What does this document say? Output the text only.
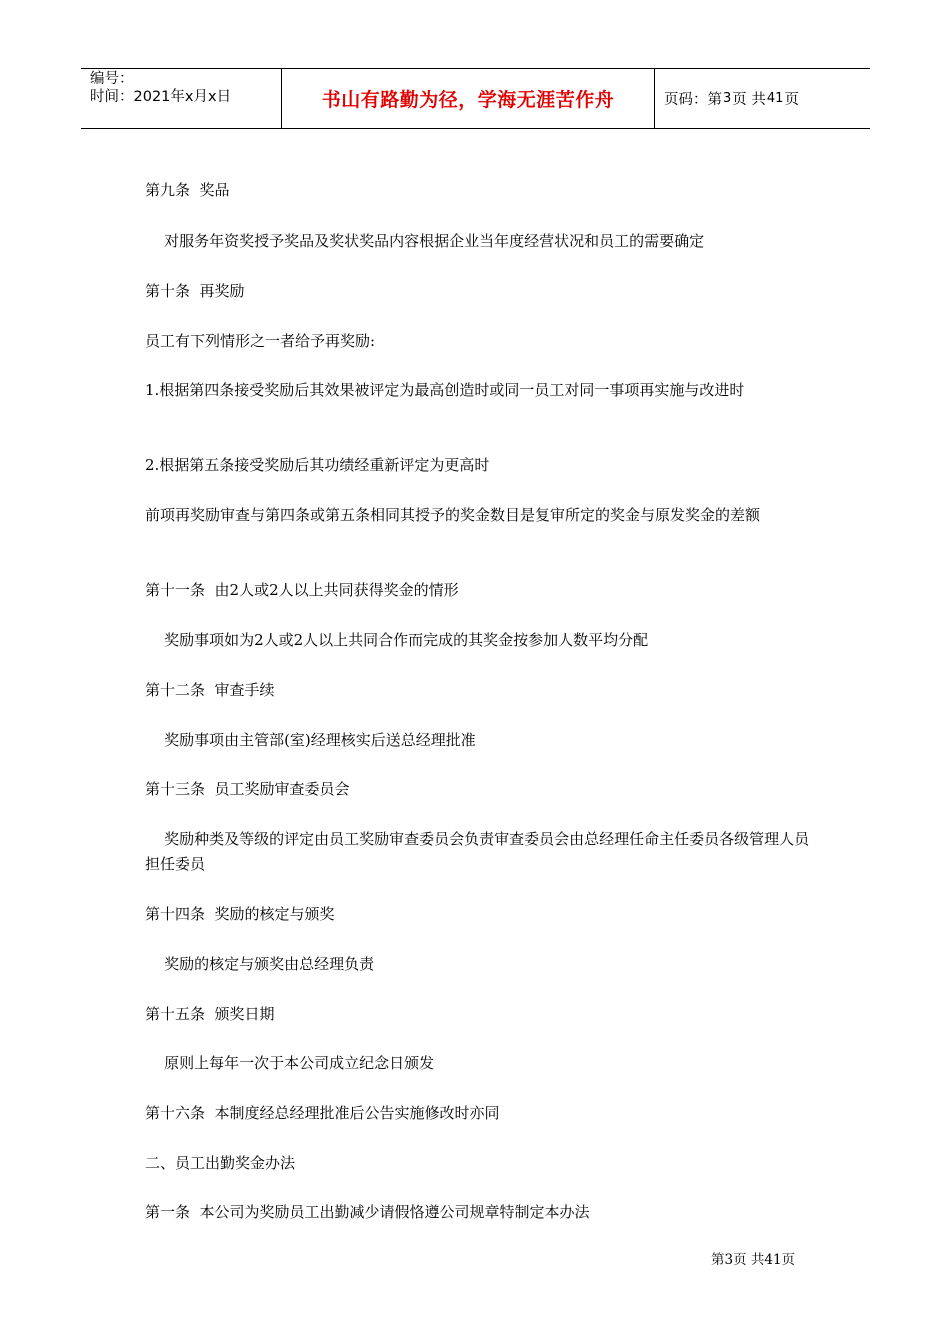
编号：
时间：2021年x月x日	书山有路勤为径，学海无涯苦作舟	页码：第 3 页 共 41 页

第九条  奖品

对服务年资奖授予奖品及奖状奖品内容根据企业当年度经营状况和员工的需要确定

第十条  再奖励

员工有下列情形之一者给予再奖励:

1.根据第四条接受奖励后其效果被评定为最高创造时或同一员工对同一事项再实施与改进时

2.根据第五条接受奖励后其功绩经重新评定为更高时

前项再奖励审查与第四条或第五条相同其授予的奖金数目是复审所定的奖金与原发奖金的差额

第十一条  由2人或2人以上共同获得奖金的情形

奖励事项如为2人或2人以上共同合作而完成的其奖金按参加人数平均分配

第十二条  审查手续

奖励事项由主管部(室)经理核实后送总经理批准

第十三条  员工奖励审查委员会

奖励种类及等级的评定由员工奖励审查委员会负责审查委员会由总经理任命主任委员各级管理人员担任委员

第十四条  奖励的核定与颁奖

奖励的核定与颁奖由总经理负责

第十五条  颁奖日期

原则上每年一次于本公司成立纪念日颁发

第十六条  本制度经总经理批准后公告实施修改时亦同

二、员工出勤奖金办法

第一条  本公司为奖励员工出勤减少请假恪遵公司规章特制定本办法

第3页 共41页
